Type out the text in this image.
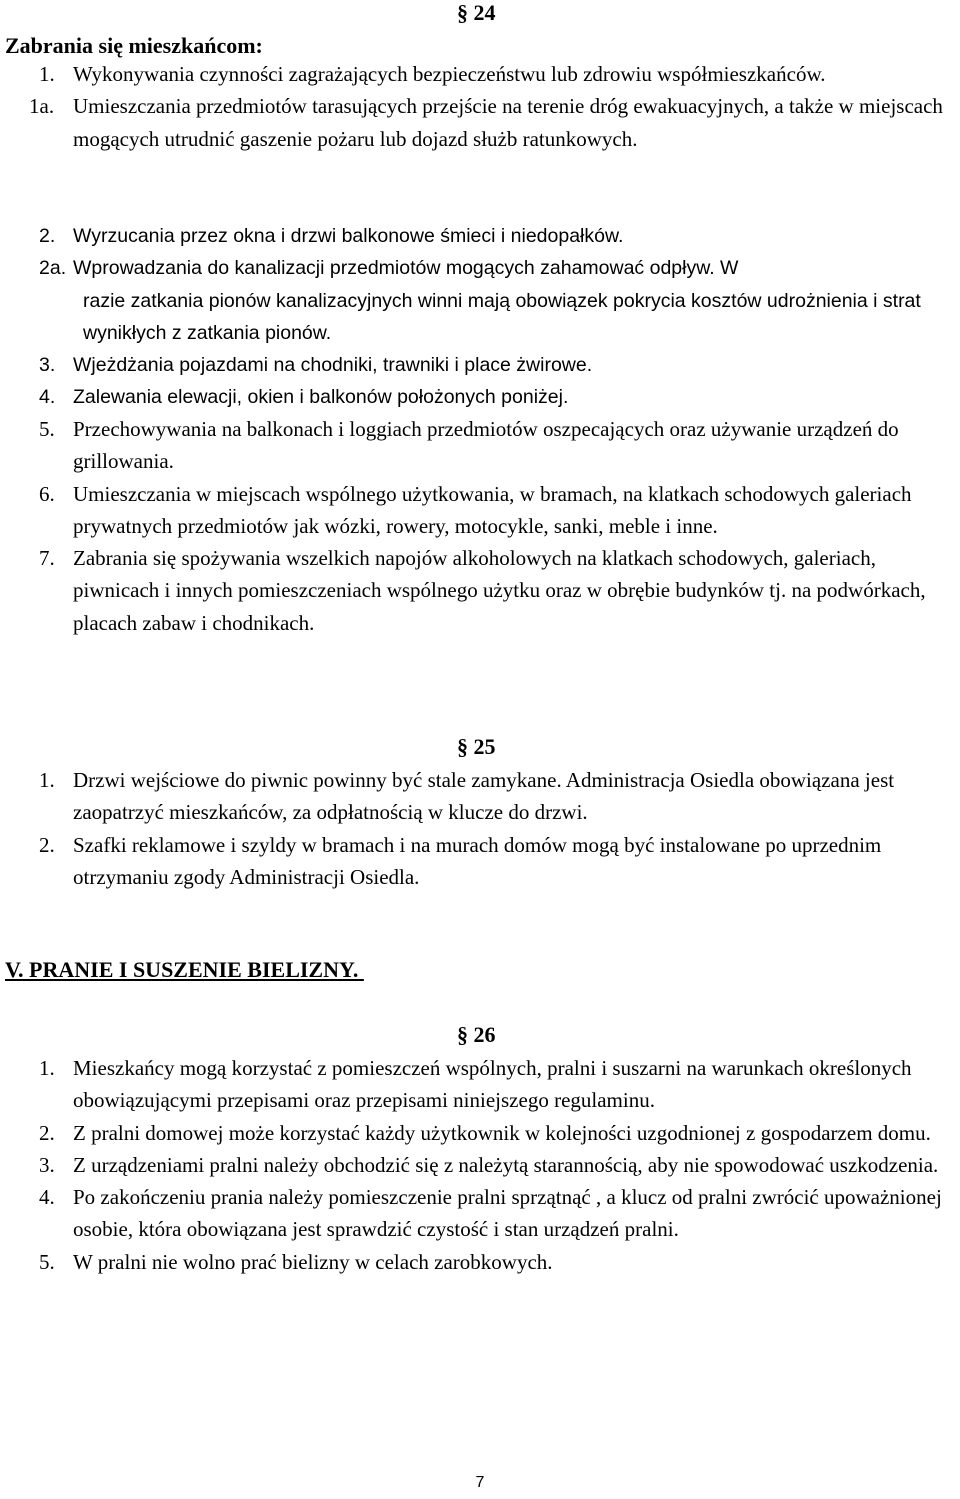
§ 24
Zabrania się mieszkańcom:
1. Wykonywania czynności zagrażających bezpieczeństwu lub zdrowiu współmieszkańców.
1a. Umieszczania przedmiotów tarasujących przejście na terenie dróg ewakuacyjnych, a także w miejscach mogących utrudnić gaszenie pożaru lub dojazd służb ratunkowych.
2. Wyrzucania przez okna i drzwi balkonowe śmieci i niedopałków.
2a. Wprowadzania do kanalizacji przedmiotów mogących zahamować odpływ. W
razie zatkania pionów kanalizacyjnych winni mają obowiązek pokrycia kosztów udrożnienia i strat wynikłych z zatkania pionów.
3. Wjeżdżania pojazdami na chodniki, trawniki i place żwirowe.
4. Zalewania elewacji, okien i balkonów położonych poniżej.
5. Przechowywania na balkonach i loggiach przedmiotów oszpecających oraz używanie urządzeń do grillowania.
6. Umieszczania w miejscach wspólnego użytkowania, w bramach, na klatkach schodowych galeriach prywatnych przedmiotów jak wózki, rowery, motocykle, sanki, meble i inne.
7. Zabrania się spożywania wszelkich napojów alkoholowych na klatkach schodowych, galeriach, piwnicach i innych pomieszczeniach wspólnego użytku oraz w obrębie budynków tj. na podwórkach, placach zabaw i chodnikach.
§ 25
1. Drzwi wejściowe do piwnic powinny być stale zamykane. Administracja Osiedla obowiązana jest zaopatrzyć mieszkańców, za odpłatnością w klucze do drzwi.
2. Szafki reklamowe i szyldy w bramach i na murach domów mogą być instalowane po uprzednim otrzymaniu zgody Administracji Osiedla.
V. PRANIE I SUSZENIE BIELIZNY.
§ 26
1. Mieszkańcy mogą korzystać z pomieszczeń wspólnych, pralni i suszarni na warunkach określonych obowiązującymi przepisami oraz przepisami niniejszego regulaminu.
2. Z pralni domowej może korzystać każdy użytkownik w kolejności uzgodnionej z gospodarzem domu.
3. Z urządzeniami pralni należy obchodzić się z należytą starannością, aby nie spowodować uszkodzenia.
4. Po zakończeniu prania należy pomieszczenie pralni sprzątnąć , a klucz od pralni zwrócić upoważnionej osobie, która obowiązana jest sprawdzić czystość i stan urządzeń pralni.
5. W pralni nie wolno prać bielizny w celach zarobkowych.
7
